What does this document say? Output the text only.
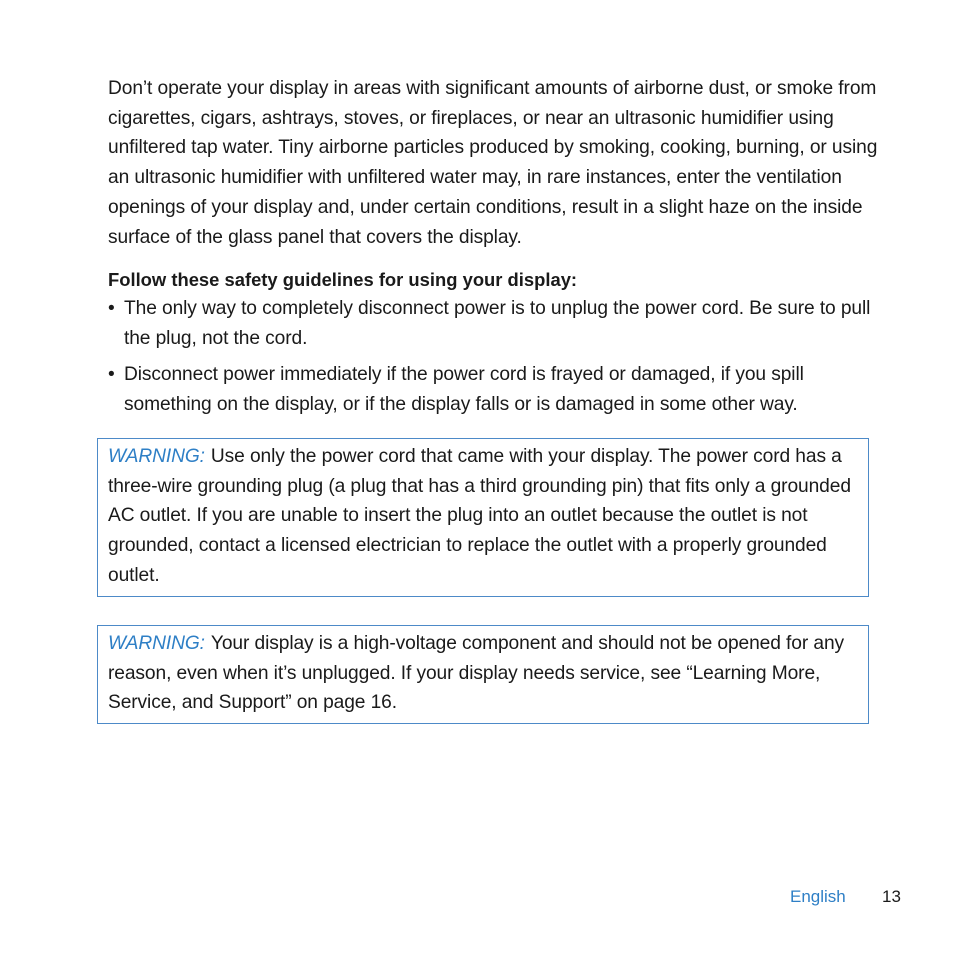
Don’t operate your display in areas with significant amounts of airborne dust, or smoke from cigarettes, cigars, ashtrays, stoves, or fireplaces, or near an ultrasonic humidifier using unfiltered tap water. Tiny airborne particles produced by smoking, cooking, burning, or using an ultrasonic humidifier with unfiltered water may, in rare instances, enter the ventilation openings of your display and, under certain conditions, result in a slight haze on the inside surface of the glass panel that covers the display.

Follow these safety guidelines for using your display:

• The only way to completely disconnect power is to unplug the power cord. Be sure to pull the plug, not the cord.
• Disconnect power immediately if the power cord is frayed or damaged, if you spill something on the display, or if the display falls or is damaged in some other way.
WARNING: Use only the power cord that came with your display. The power cord has a three-wire grounding plug (a plug that has a third grounding pin) that fits only a grounded AC outlet. If you are unable to insert the plug into an outlet because the outlet is not grounded, contact a licensed electrician to replace the outlet with a properly grounded outlet.
WARNING: Your display is a high-voltage component and should not be opened for any reason, even when it’s unplugged. If your display needs service, see “Learning More, Service, and Support” on page 16.
English 13
